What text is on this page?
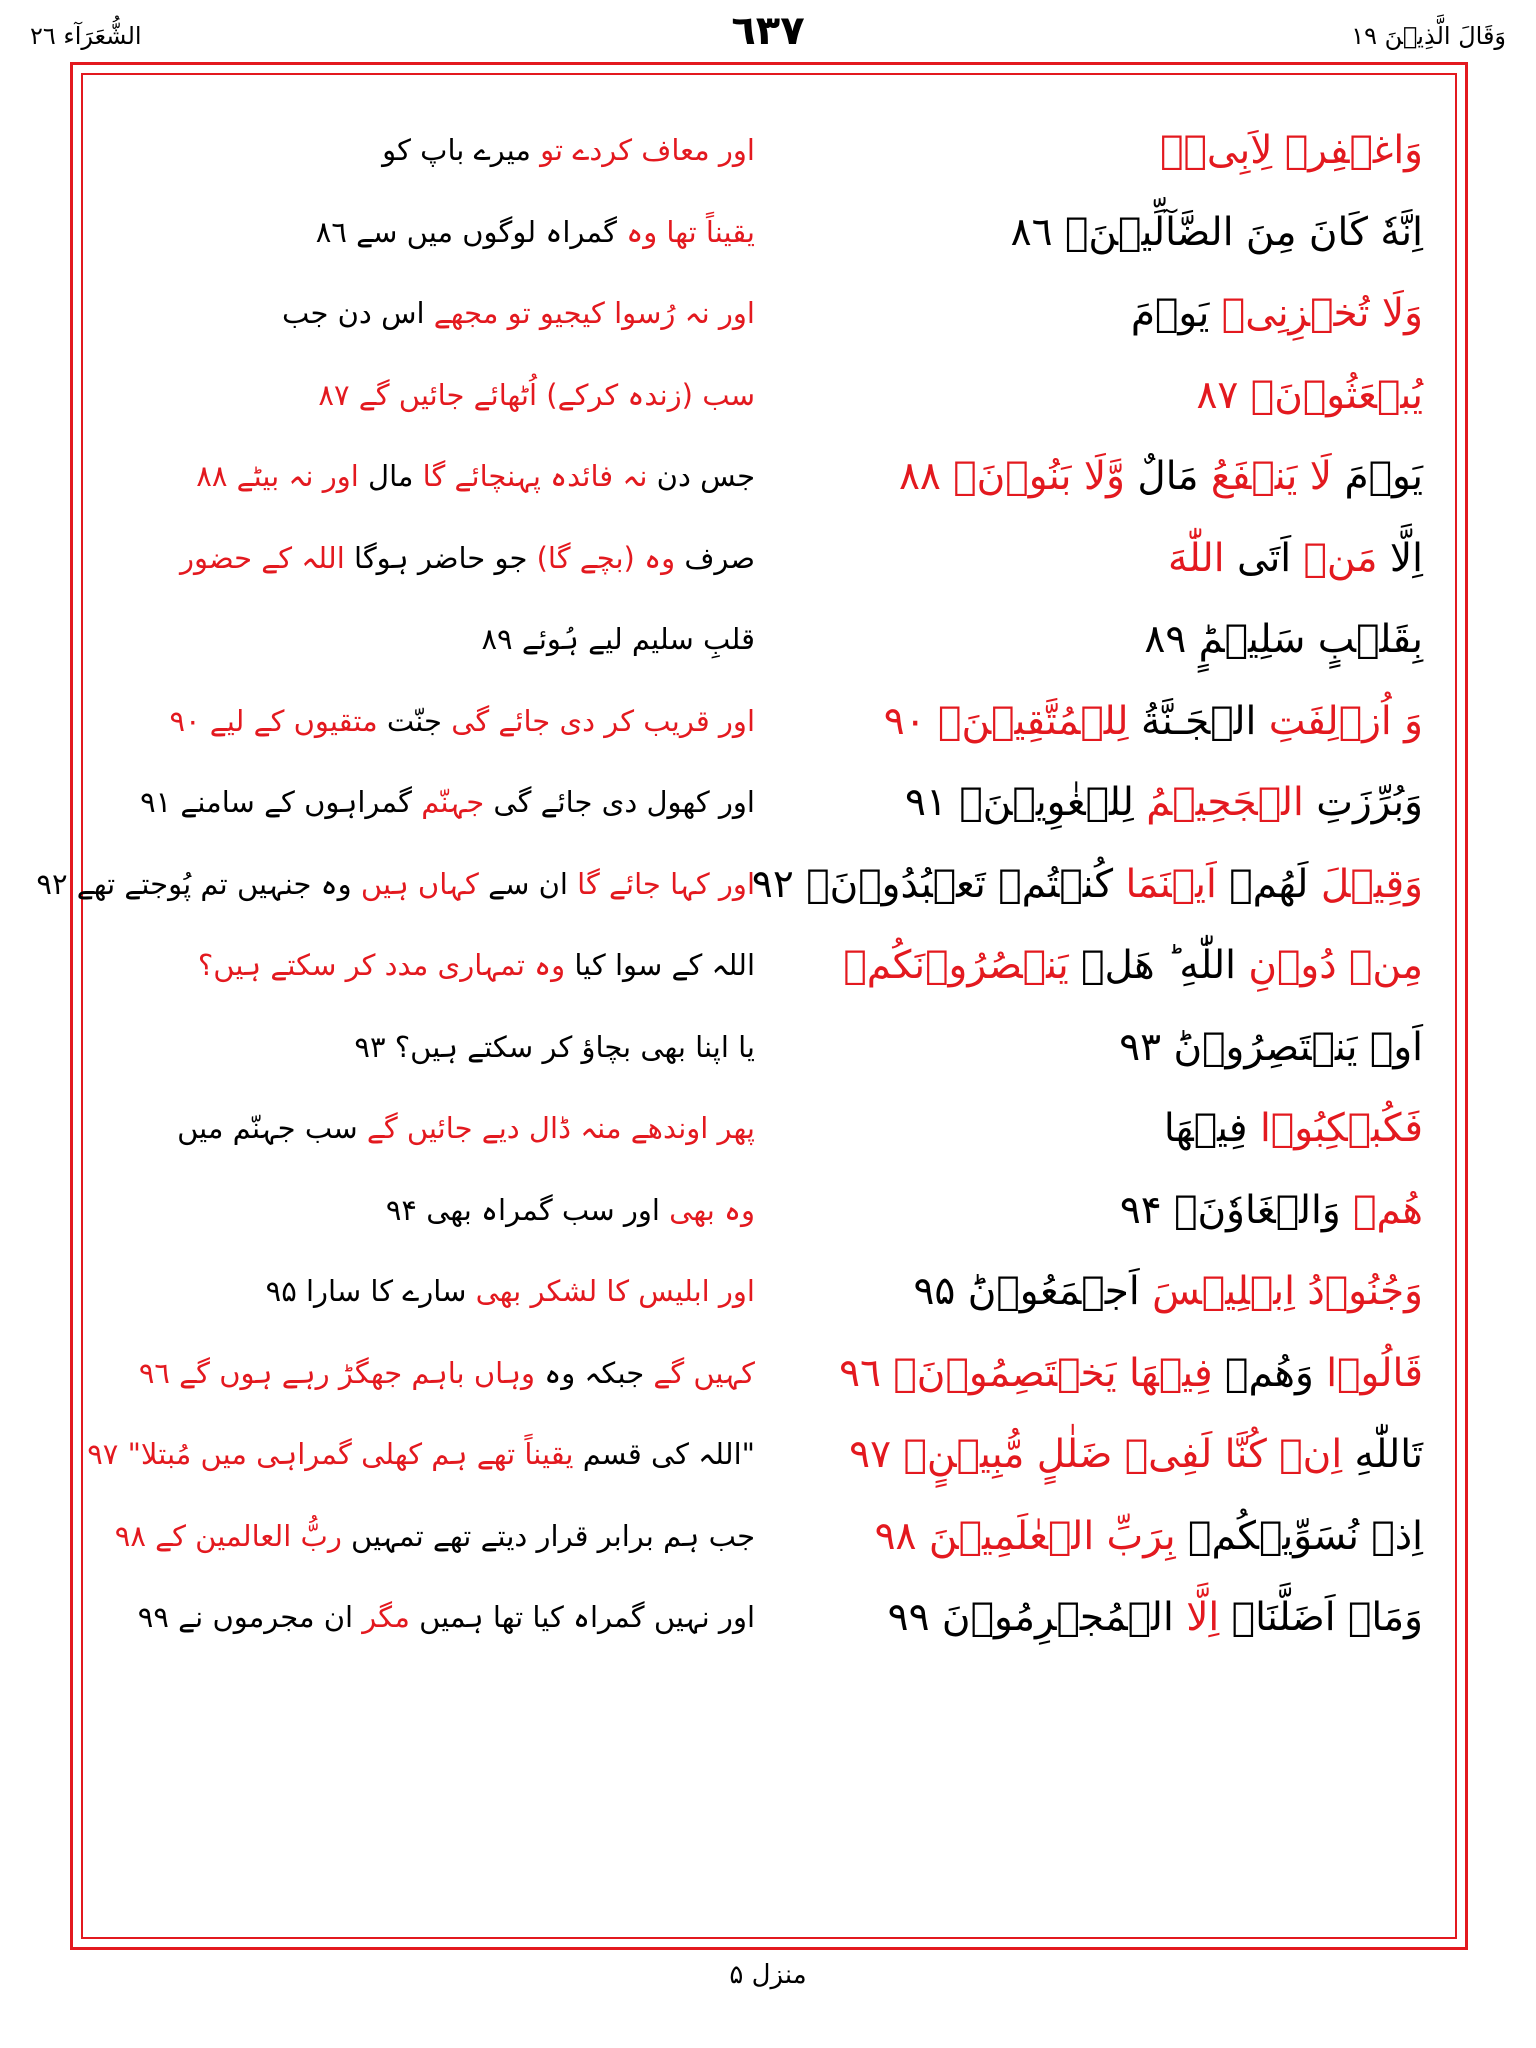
الشُّعَرَآء ۲٦	٦٣٧	وَقَالَ الَّذِيۡنَ ۱۹
وَاغۡفِرۡ لِاَبِیۡۤ
اور معاف کردے تو میرے باپ کو
اِنَّهٗ كَانَ مِنَ الضَّآلِّيۡنَۙ ۸٦
یقیناً تھا وہ گمراہ لوگوں میں سے ۸٦
وَلَا تُخۡزِنِیۡ يَوۡمَ
اور نہ رُسوا کیجیو تو مجھے اس دن جب
يُبۡعَثُوۡنَۙ ۸۷
سب (زندہ کرکے) اُٹھائے جائیں گے ۸۷
يَوۡمَ لَا يَنۡفَعُ مَالٌ وَّلَا بَنُوۡنَۙ ۸۸
جس دن نہ فائدہ پہنچائے گا مال اور نہ بیٹے ۸۸
اِلَّا مَنۡ اَتَى اللّٰهَ
صرف وہ (بچے گا) جو حاضر ہوگا اللہ کے حضور
بِقَلۡبٍ سَلِيۡمٍؕ ۸۹
قلبِ سلیم لیے ہُوئے ۸۹
وَ اُزۡلِفَتِ الۡجَـنَّةُ لِلۡمُتَّقِيۡنَۙ ۹۰
اور قریب کر دی جائے گی جنّت متقیوں کے لیے ۹۰
وَبُرِّزَتِ الۡجَحِيۡمُ لِلۡغٰوِيۡنَۙ ۹۱
اور کھول دی جائے گی جہنّم گمراہوں کے سامنے ۹۱
وَقِيۡلَ لَهُمۡ اَيۡنَمَا كُنۡتُمۡ تَعۡبُدُوۡنَۙ ۹۲
اور کہا جائے گا ان سے کہاں ہیں وہ جنہیں تم پُوجتے تھے ۹۲
مِنۡ دُوۡنِ اللّٰهِ ؕ هَلۡ يَنۡصُرُوۡنَكُمۡ
اللہ کے سوا کیا وہ تمہاری مدد کر سکتے ہیں؟
اَوۡ يَنۡتَصِرُوۡنَؕ ۹۳
یا اپنا بھی بچاؤ کر سکتے ہیں؟ ۹۳
فَكُبۡكِبُوۡا فِيۡهَا
پھر اوندھے منہ ڈال دیے جائیں گے سب جہنّم میں
هُمۡ وَالۡغَاوٗنَۙ ۹۴
وہ بھی اور سب گمراہ بھی ۹۴
وَجُنُوۡدُ اِبۡلِيۡسَ اَجۡمَعُوۡنَؕ ۹۵
اور ابلیس کا لشکر بھی سارے کا سارا ۹۵
قَالُوۡا وَهُمۡ فِيۡهَا يَخۡتَصِمُوۡنَۙ ۹٦
کہیں گے جبکہ وہ وہاں باہم جھگڑ رہے ہوں گے ۹٦
تَاللّٰهِ اِنۡ كُنَّا لَفِىۡ ضَلٰلٍ مُّبِيۡنٍۙ ۹۷
"اللہ کی قسم یقیناً تھے ہم کھلی گمراہی میں مُبتلا" ۹۷
اِذۡ نُسَوِّيۡكُمۡ بِرَبِّ الۡعٰلَمِيۡنَ ۹۸
جب ہم برابر قرار دیتے تھے تمہیں ربُّ العالمین کے ۹۸
وَمَاۤ اَضَلَّنَاۤ اِلَّا الۡمُجۡرِمُوۡنَ ۹۹
اور نہیں گمراہ کیا تھا ہمیں مگر ان مجرموں نے ۹۹
منزل ۵
